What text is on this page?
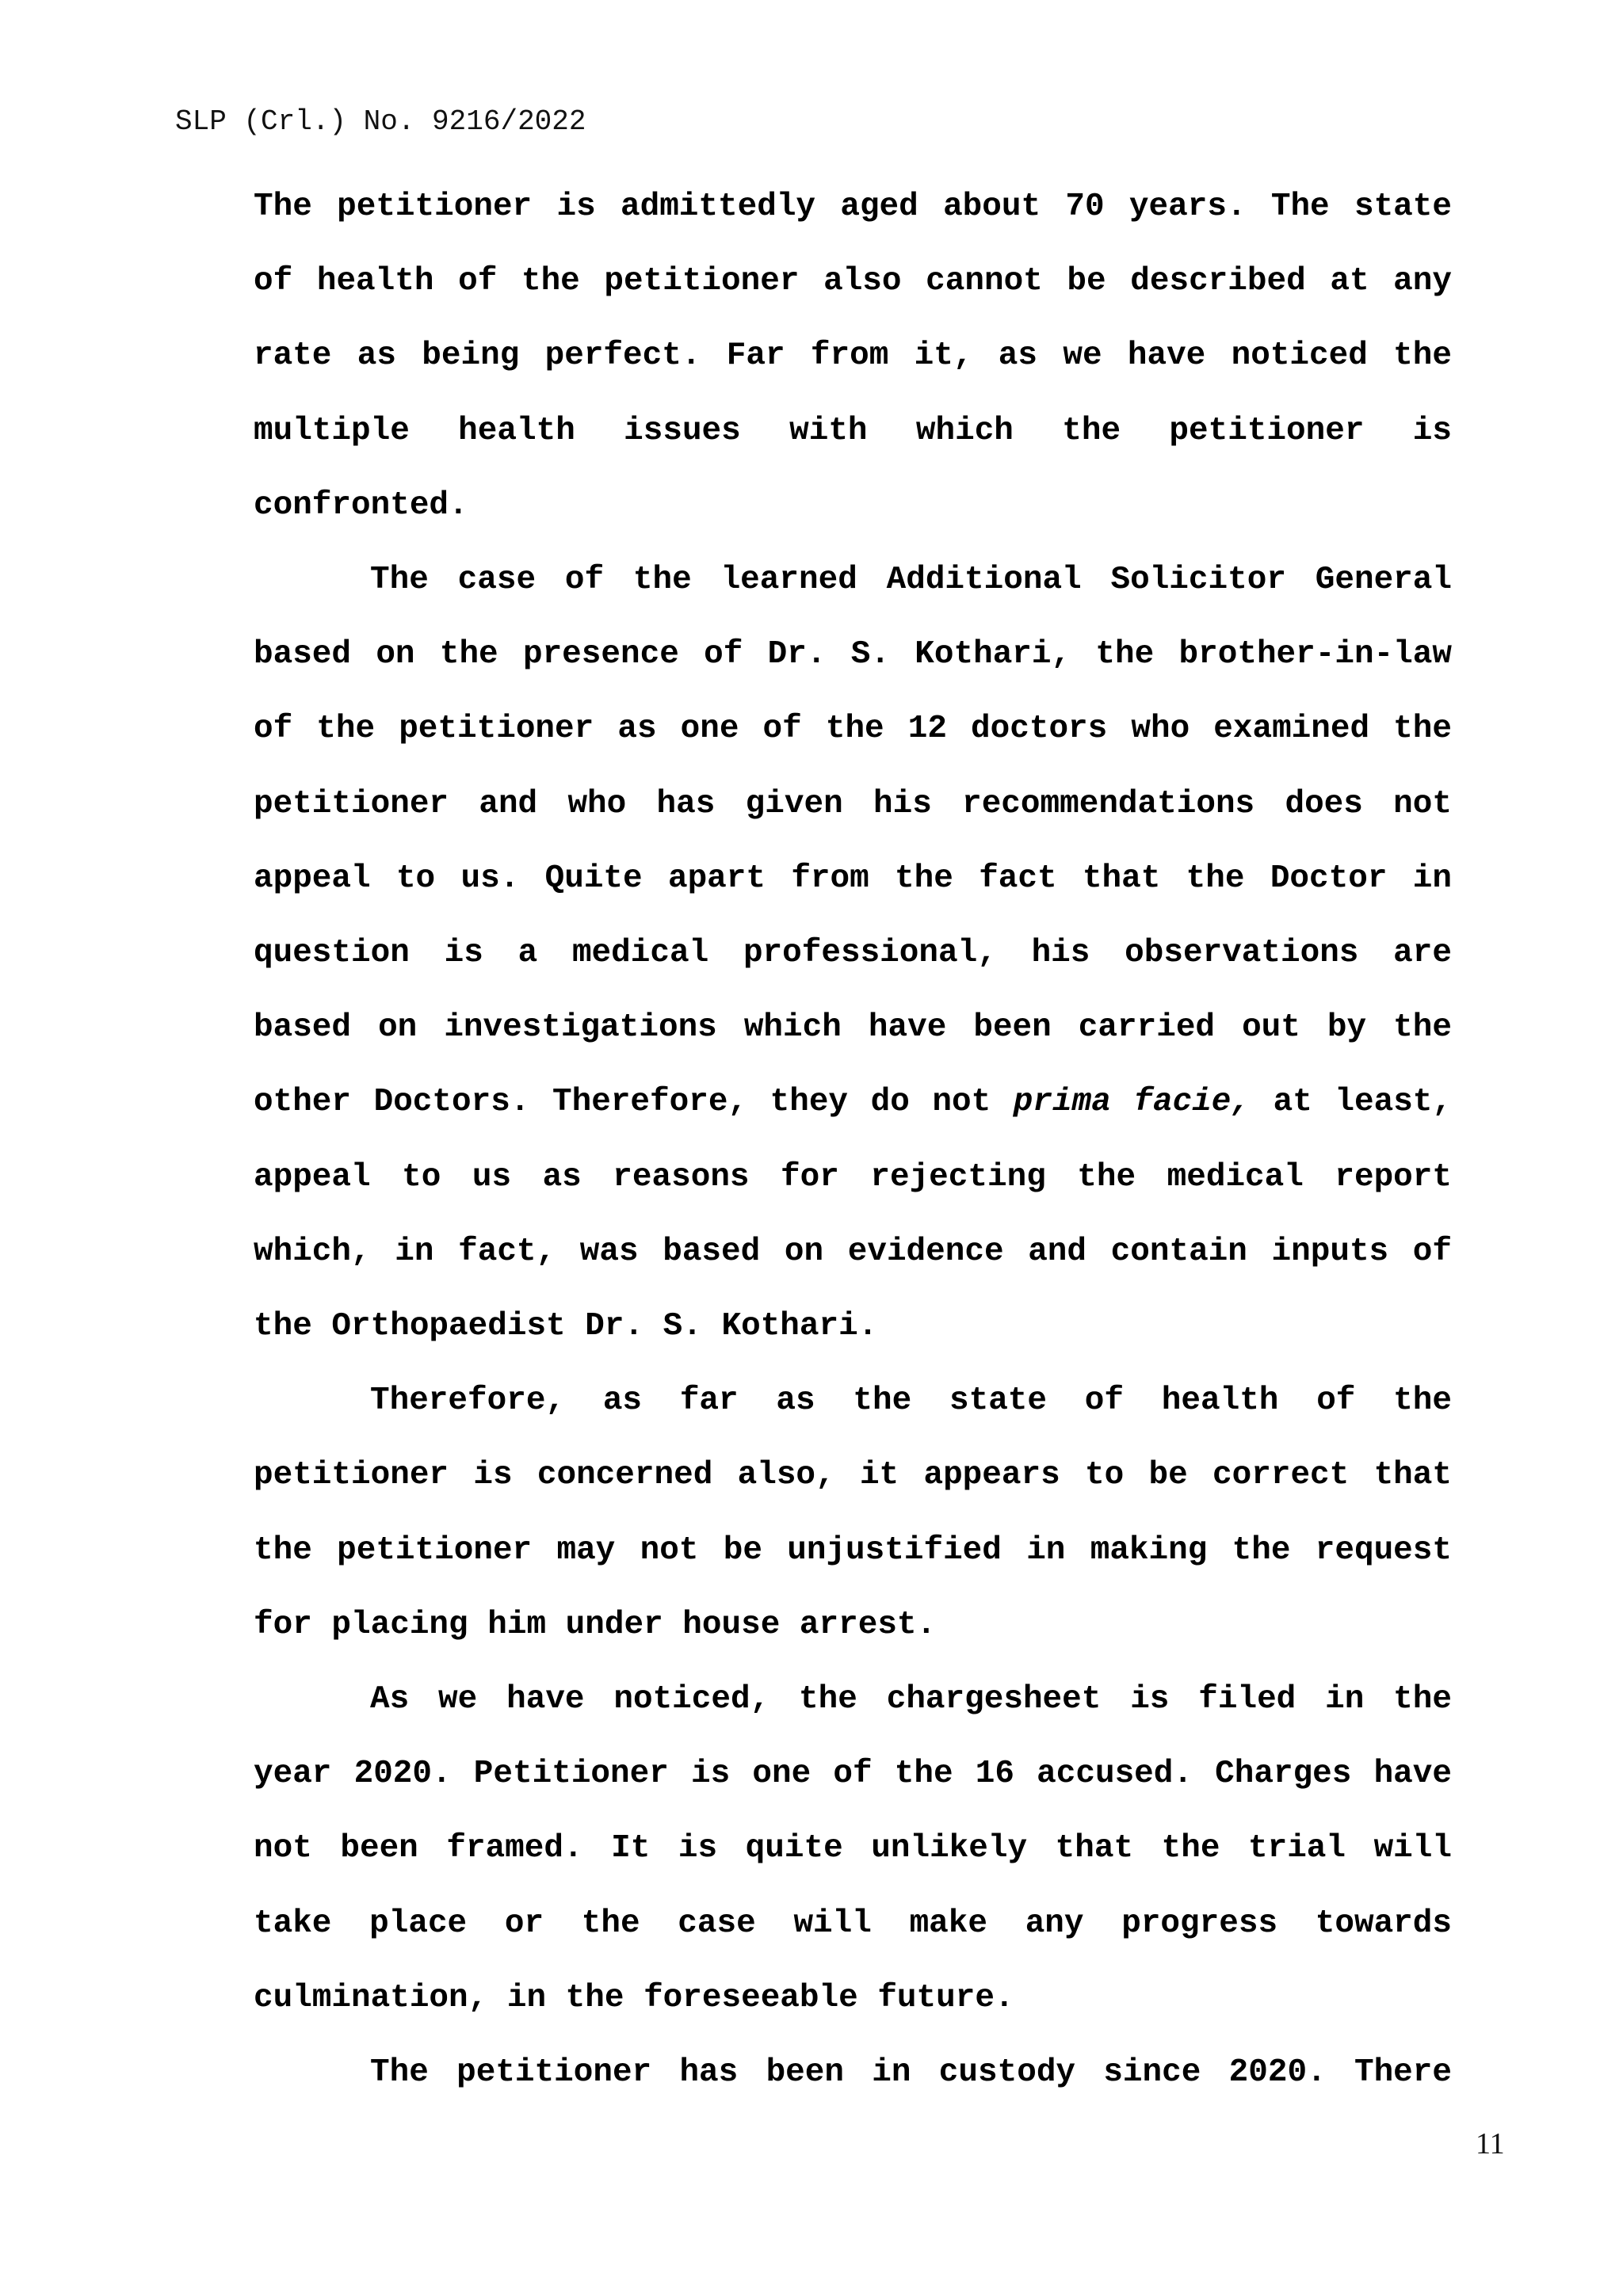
SLP (Crl.) No. 9216/2022

The petitioner is admittedly aged about 70 years. The state of health of the petitioner also cannot be described at any rate as being perfect. Far from it, as we have noticed the multiple health issues with which the petitioner is confronted.

The case of the learned Additional Solicitor General based on the presence of Dr. S. Kothari, the brother-in-law of the petitioner as one of the 12 doctors who examined the petitioner and who has given his recommendations does not appeal to us. Quite apart from the fact that the Doctor in question is a medical professional, his observations are based on investigations which have been carried out by the other Doctors. Therefore, they do not prima facie, at least, appeal to us as reasons for rejecting the medical report which, in fact, was based on evidence and contain inputs of the Orthopaedist Dr. S. Kothari.

Therefore, as far as the state of health of the petitioner is concerned also, it appears to be correct that the petitioner may not be unjustified in making the request for placing him under house arrest.

As we have noticed, the chargesheet is filed in the year 2020. Petitioner is one of the 16 accused. Charges have not been framed. It is quite unlikely that the trial will take place or the case will make any progress towards culmination, in the foreseeable future.

The petitioner has been in custody since 2020. There

11
